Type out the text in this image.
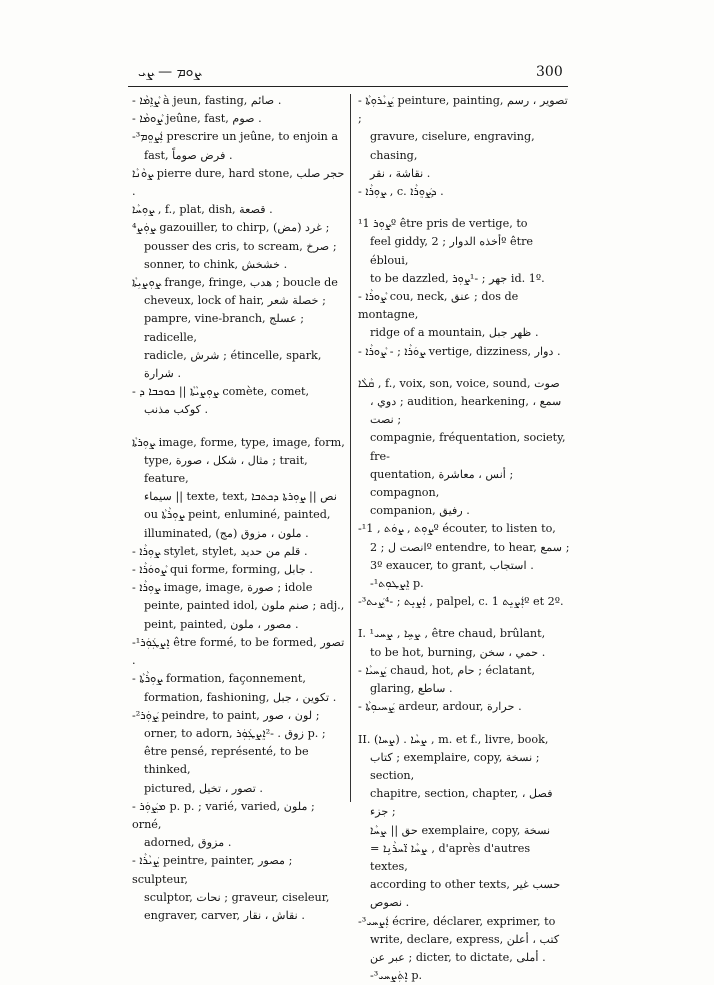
ܨܘܡ — ܨܝ	300
- ܨܵܐܹܡܵܐ à jeun, fasting, صائم .
- ܨܵܘܡܵܐ jeûne, fast, صوم .
-³ܐܲܨܘܸܡ prescrire un jeûne, to enjoin a
fast, فرض صوماً .
ܨܘܵܢܵܐ pierre dure, hard stone, حجر صلب .
ܨܘܼܚܵܐ , f., plat, dish, قصعة .
⁴ܨܘܲܨ gazouiller, to chirp, (مض) غرد ;
pousser des cris, to scream, صرخ ;
sonner, to chink, خشخش .
ܨܘܼܨܝܼܬܵܐ frange, fringe, هدب ; boucle de
cheveux, lock of hair, خصلة شعر ;
pampre, vine-branch, عسلج ; radicelle,
radicle, شرش ; étincelle, spark, شرارة .
- ܨܘܼܨܝܵܬܵܐ || ܟܘܟܒܐ ܕ comète, comet,
كوكب مذنب .
ܨܘܼܪܬܵܐ image, forme, type, image, form,
type, مثال ، شكل ، صورة ; trait, feature,
سيماء || texte, text, نص || ܨܘܼܪܬܐ ܕܟܬܒܐ
ou ܨܘܼܪܵܬܵܐ peint, enluminé, painted,
illuminated, (مج) ملون ، مزوق .
- ܨܘܼܪܵܐ stylet, stylet, قلم من حديد .
- ܨܵܘܘܿܪܵܐ qui forme, forming, جابل .
- ܨܘܼܪܵܐ image, image, صورة ; idole
peinte, painted idol, صنم ملون ; adj.,
peint, painted, مصور ، ملون .
-¹ܐܸܨܛܲܘܲܪ être formé, to be formed, تصور .
- ܨܘܼܪܵܬܵܐ formation, façonnement,
formation, fashioning, تكوين ، جبل .
-²ܨܲܘܲܪ peindre, to paint, لون ، صور ;
orner, to adorn, زوق . -²ܐܸܨܛܲܘܲܪ p. ;
être pensé, représenté, to be thinked,
pictured, تصور ، تخيل .
- ܡܨܲܘܲܪ p. p. ; varié, varied, ملون ; orné,
adorned, مزوق .
- ܨܲܝܵܪܵܐ peintre, painter, مصور ; sculpteur,
sculptor, نحات ; graveur, ciseleur,
engraver, carver, نقاش ، نقار .
- ܨܲܝܵܪܘܼܬܵܐ peinture, painting, تصوير ، رسم ;
gravure, ciselure, engraving, chasing,
نقاشة ، نقر .
- ܨܘܼܪܵܐ , c. ܕܨܲܘܸܪܵܐ .
¹ܨܘܼܪ 1º être pris de vertige, to
feel giddy, أخذه الدوار ; 2º être ébloui,
to be dazzled, جهر ; -¹ܨܘܼܪ id. 1º.
- ܨܵܘܪܵܐ cou, neck, عنق ; dos de montagne,
ridge of a mountain, ظهر جبل .
- ܨܘܿܪܵܐ ; - ܨܵܘܪܵܐ vertige, dizziness, دوار .
ܩܵܠܵܐ , f., voix, son, voice, sound, صوت
، دوي ; audition, hearkening, سمع ، نصت ;
compagnie, fréquentation, society, fre-
quentation, أنس ، معاشرة ; compagnon,
companion, رفيق .
-¹ܨܘܼܬ , ܨܘܿܬ , 1º écouter, to listen to,
انصت ل ; 2º entendre, to hear, سمع ;
3º exaucer, to grant, استجاب .
-¹ܐܸܨܛܘܼܬ p.
-³ܐܲܨܝܸܬ ; -⁴ܨܲܝܬ , palpel, c. ܐܲܨܝܸܬ 1º et 2º.
I. ¹ܨܚܹܐ , ܨܚܝ , être chaud, brûlant,
to be hot, burning, حمي ، سخن .
- ܨܲܚܝܵܐ chaud, hot, حام ; éclatant,
glaring, ساطع .
- ܨܲܚܝܘܼܬܵܐ ardeur, ardour, حرارة .
II. (ܨܚܐ) . ܨܚܵܐ , m. et f., livre, book,
كتاب ; exemplaire, copy, نسخة ; section,
chapitre, section, chapter, فصل ، جزء ;
حق || ܨܚܵܐ exemplaire, copy, نسخة
= ܨܚܵܐ ܐ̈ܚܪܵܢܹܐ , d'après d'autres textes,
according to other texts, حسب غير نصوص .
-³ܐܲܨܚܝ écrire, déclarer, exprimer, to
write, declare, express, كتب ، أعلن
عبر عن ; dicter, to dictate, أملى .
-³ܐܸܬܲܨܚܝ p.
